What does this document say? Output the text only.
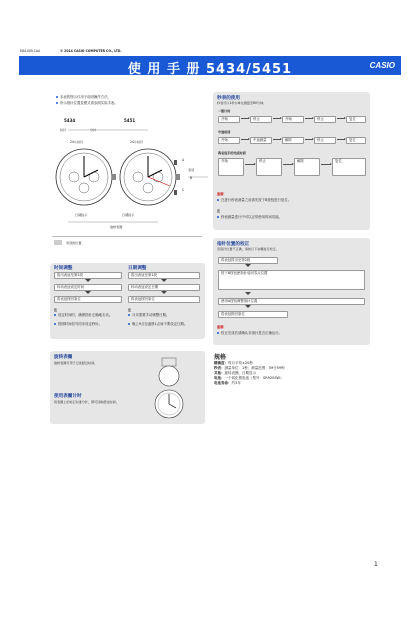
MA1409-CAA	© 2014 CASIO COMPUTER CO., LTD.
使 用 手 册 5434/5451	CASIO
本表的图示仅用于说明操作方法。
所示指针位置及模式请参照实际手表。
5434	5451
时针	分针
24小时针	24小时针
表冠
A
C
B
日期指示	日期指示
旋转表圈
表冠的位置
时间调整	日期调整
拔出表冠至第2段
转动表冠设定时间
将表冠按回原位
拔出表冠至第1段
转动表冠设定日期
将表冠按回原位
注
设定时间时，确保指针正确地走动。
按照时间信号同步设定秒针。
注
月末需要手动调整日期。
晚上9点至凌晨1点间不要设定日期。
旋转表圈
旋转表圈可用于记录经过时间。
使用表圈计时
将表圈上的标记对准分针，即可读取经过时间。
秒表的使用
秒表可以1秒为单位测量至60分钟。
一般计时
开始	停止	开始	停止	复位
中途时间
开始	中途测量	解除	停止	复位
两名选手的完成时间
开始	停止	解除	复位
重要！
在进行秒表测量之前请先按下B按钮进行复位。
注
秒表测量进行中可以正常使用时间功能。
指针位置的校正
若指针位置不正确，请按以下步骤进行校正。
将表冠拔出至第2段
按下B按钮使指针返回零点位置
使用A按钮调整指针位置
将表冠推回原位
重要！
校正完成后请确认各指针是否正确运行。
规格
精确度：每月平均±20秒
秒表：测量单位：1秒；测量范围：59分59秒
其他：旋转表圈、日期显示
电池：一个氧化银电池（型号：SR920SW）
电池寿命：约3年
1
